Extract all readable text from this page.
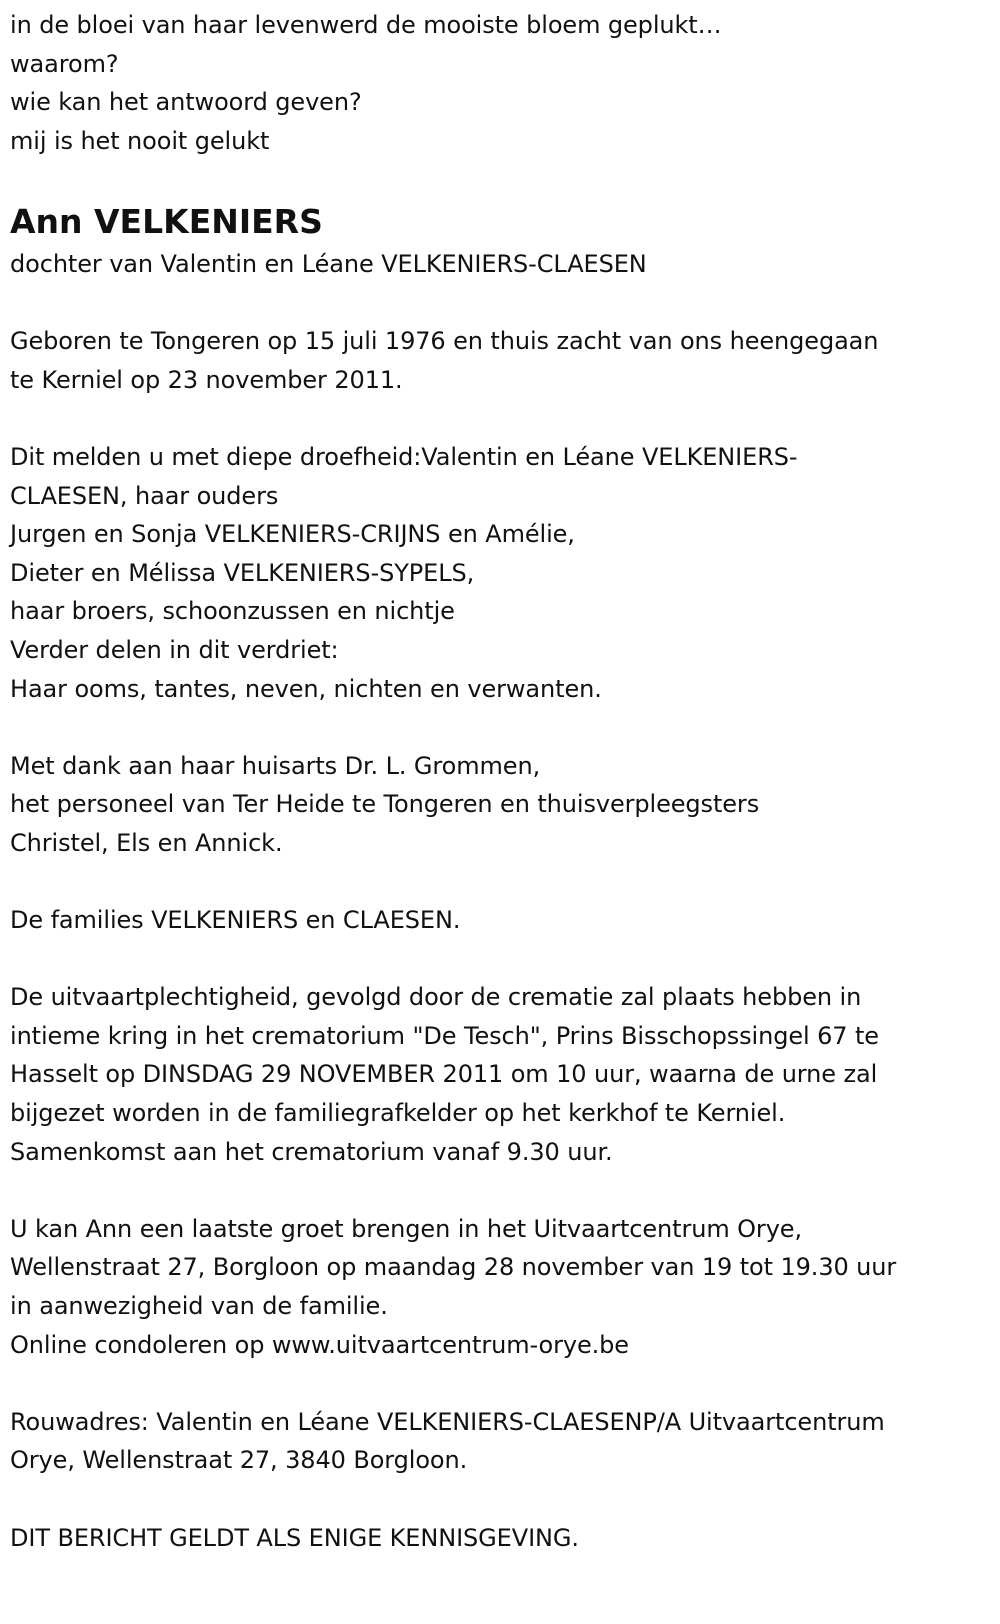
in de bloei van haar levenwerd de mooiste bloem geplukt…
waarom?
wie kan het antwoord geven?
mij is het nooit gelukt
Ann VELKENIERS
dochter van Valentin en Léane VELKENIERS-CLAESEN
Geboren te Tongeren op 15 juli 1976 en thuis zacht van ons heengegaan
te Kerniel op 23 november 2011.
Dit melden u met diepe droefheid:Valentin en Léane VELKENIERS-
CLAESEN, haar ouders
Jurgen en Sonja VELKENIERS-CRIJNS en Amélie,
Dieter en Mélissa VELKENIERS-SYPELS,
haar broers, schoonzussen en nichtje
Verder delen in dit verdriet:
Haar ooms, tantes, neven, nichten en verwanten.
Met dank aan haar huisarts Dr. L. Grommen,
het personeel van Ter Heide te Tongeren en thuisverpleegsters
Christel, Els en Annick.
De families VELKENIERS en CLAESEN.
De uitvaartplechtigheid, gevolgd door de crematie zal plaats hebben in
intieme kring in het crematorium "De Tesch", Prins Bisschopssingel 67 te
Hasselt op DINSDAG 29 NOVEMBER 2011 om 10 uur, waarna de urne zal
bijgezet worden in de familiegrafkelder op het kerkhof te Kerniel.
Samenkomst aan het crematorium vanaf 9.30 uur.
U kan Ann een laatste groet brengen in het Uitvaartcentrum Orye,
Wellenstraat 27, Borgloon op maandag 28 november van 19 tot 19.30 uur
in aanwezigheid van de familie.
Online condoleren op www.uitvaartcentrum-orye.be
Rouwadres: Valentin en Léane VELKENIERS-CLAESENP/A Uitvaartcentrum
Orye, Wellenstraat 27, 3840 Borgloon.
DIT BERICHT GELDT ALS ENIGE KENNISGEVING.
